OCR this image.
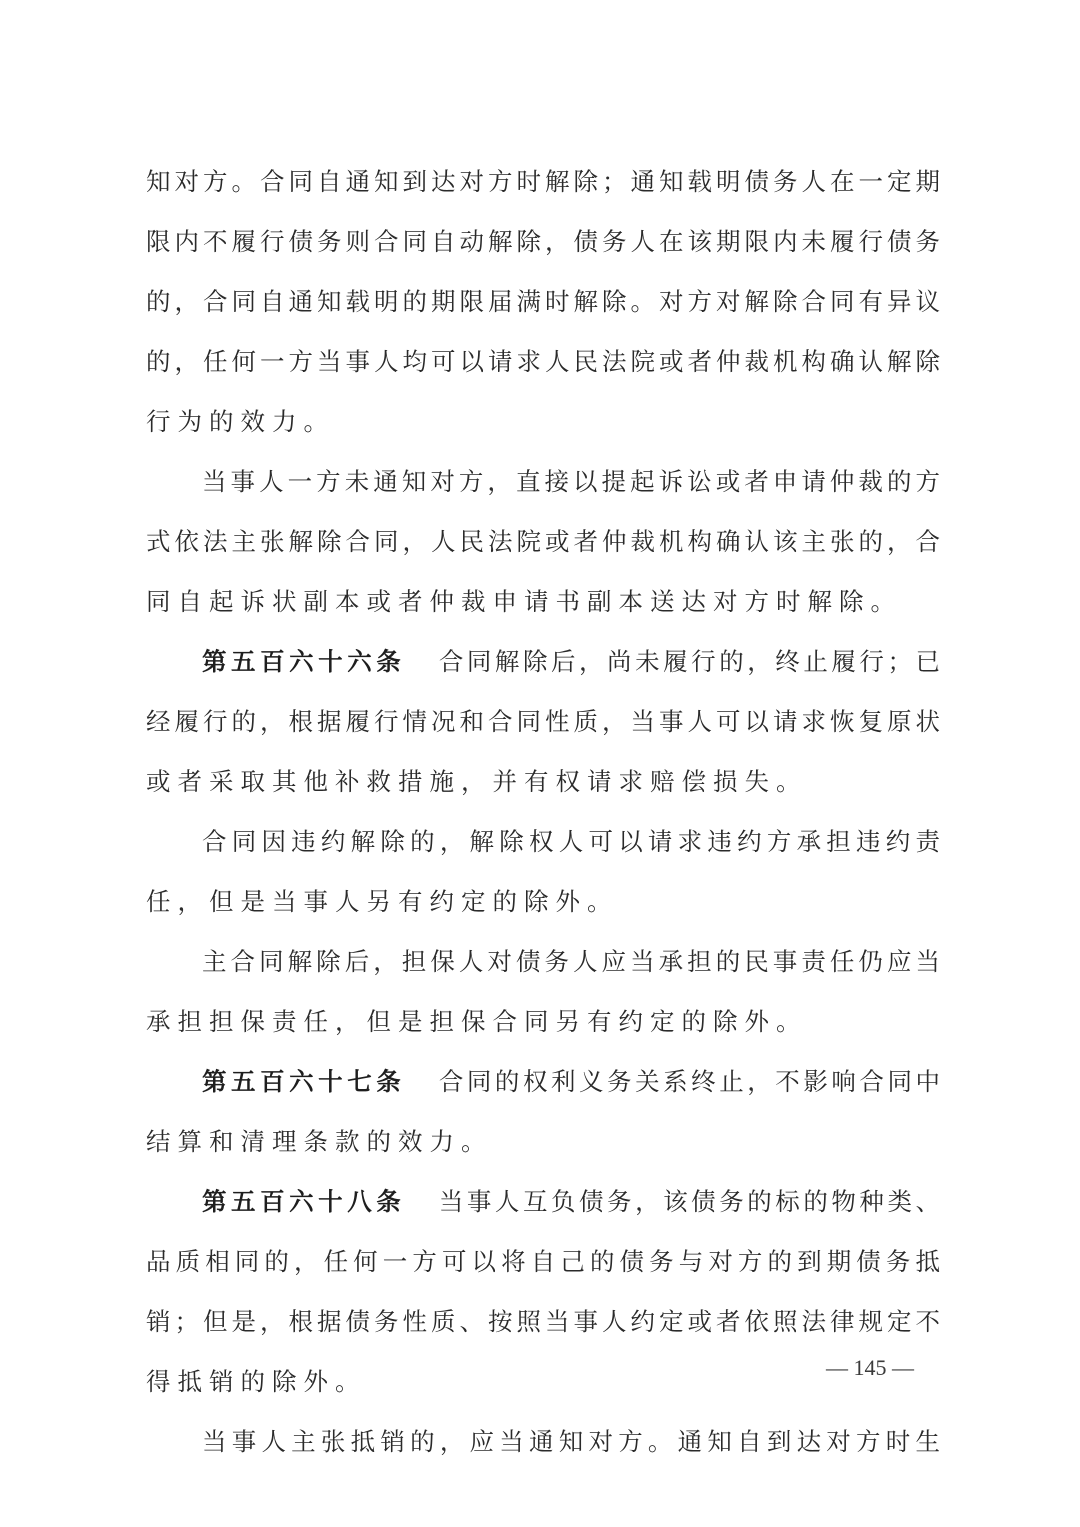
知对方。合同自通知到达对方时解除；通知载明债务人在一定期
限内不履行债务则合同自动解除，债务人在该期限内未履行债务
的，合同自通知载明的期限届满时解除。对方对解除合同有异议
的，任何一方当事人均可以请求人民法院或者仲裁机构确认解除
行为的效力。
当事人一方未通知对方，直接以提起诉讼或者申请仲裁的方
式依法主张解除合同，人民法院或者仲裁机构确认该主张的，合
同自起诉状副本或者仲裁申请书副本送达对方时解除。
第五百六十六条 合同解除后，尚未履行的，终止履行；已
经履行的，根据履行情况和合同性质，当事人可以请求恢复原状
或者采取其他补救措施，并有权请求赔偿损失。
合同因违约解除的，解除权人可以请求违约方承担违约责
任，但是当事人另有约定的除外。
主合同解除后，担保人对债务人应当承担的民事责任仍应当
承担担保责任，但是担保合同另有约定的除外。
第五百六十七条 合同的权利义务关系终止，不影响合同中
结算和清理条款的效力。
第五百六十八条 当事人互负债务，该债务的标的物种类、
品质相同的，任何一方可以将自己的债务与对方的到期债务抵
销；但是，根据债务性质、按照当事人约定或者依照法律规定不
得抵销的除外。
当事人主张抵销的，应当通知对方。通知自到达对方时生
— 145 —
